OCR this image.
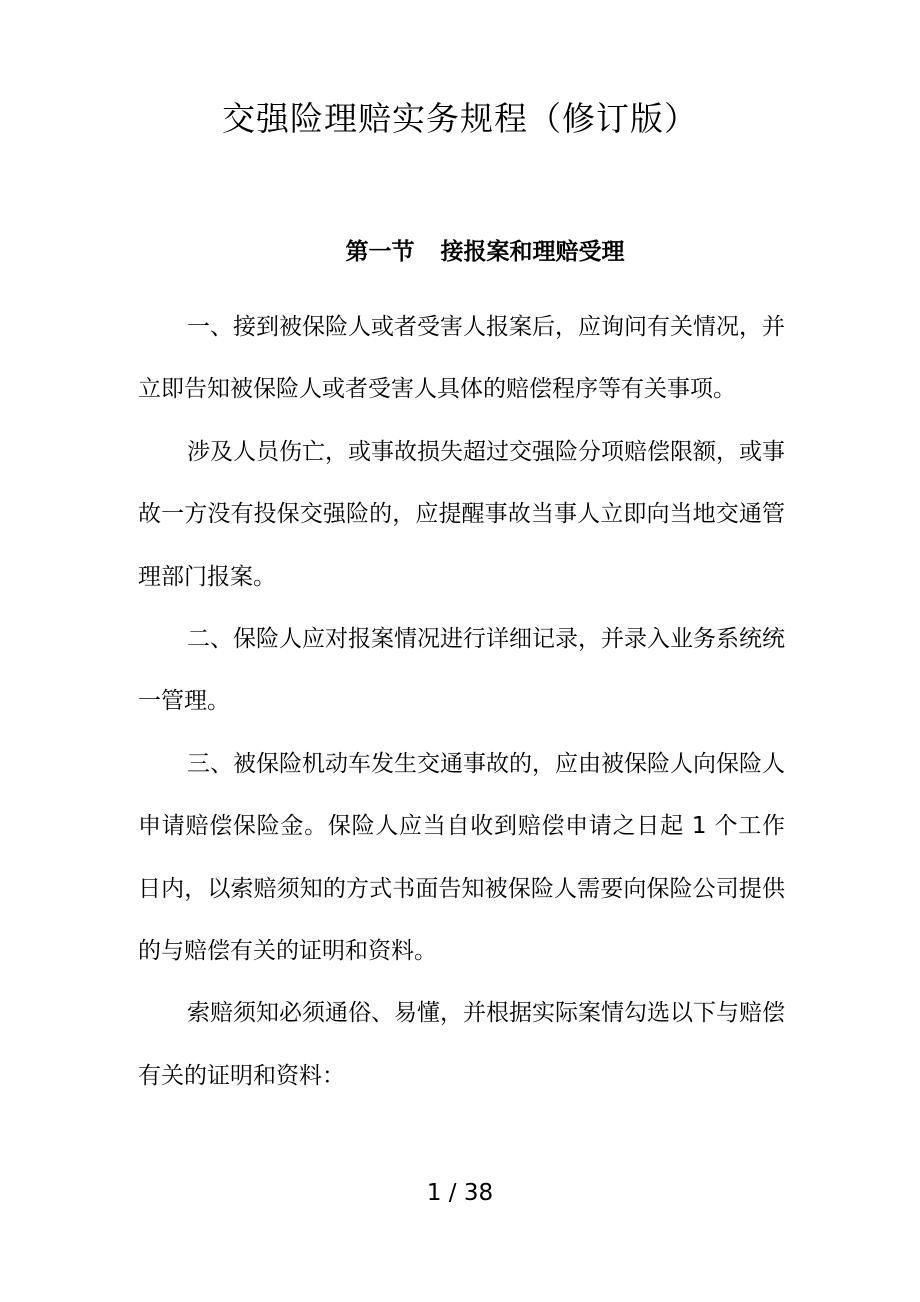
交强险理赔实务规程（修订版）
第一节 接报案和理赔受理

一、接到被保险人或者受害人报案后，应询问有关情况，并立即告知被保险人或者受害人具体的赔偿程序等有关事项。

涉及人员伤亡，或事故损失超过交强险分项赔偿限额，或事故一方没有投保交强险的，应提醒事故当事人立即向当地交通管理部门报案。

二、保险人应对报案情况进行详细记录，并录入业务系统统一管理。

三、被保险机动车发生交通事故的，应由被保险人向保险人申请赔偿保险金。保险人应当自收到赔偿申请之日起 1 个工作日内，以索赔须知的方式书面告知被保险人需要向保险公司提供的与赔偿有关的证明和资料。

索赔须知必须通俗、易懂，并根据实际案情勾选以下与赔偿有关的证明和资料：

1 / 38
